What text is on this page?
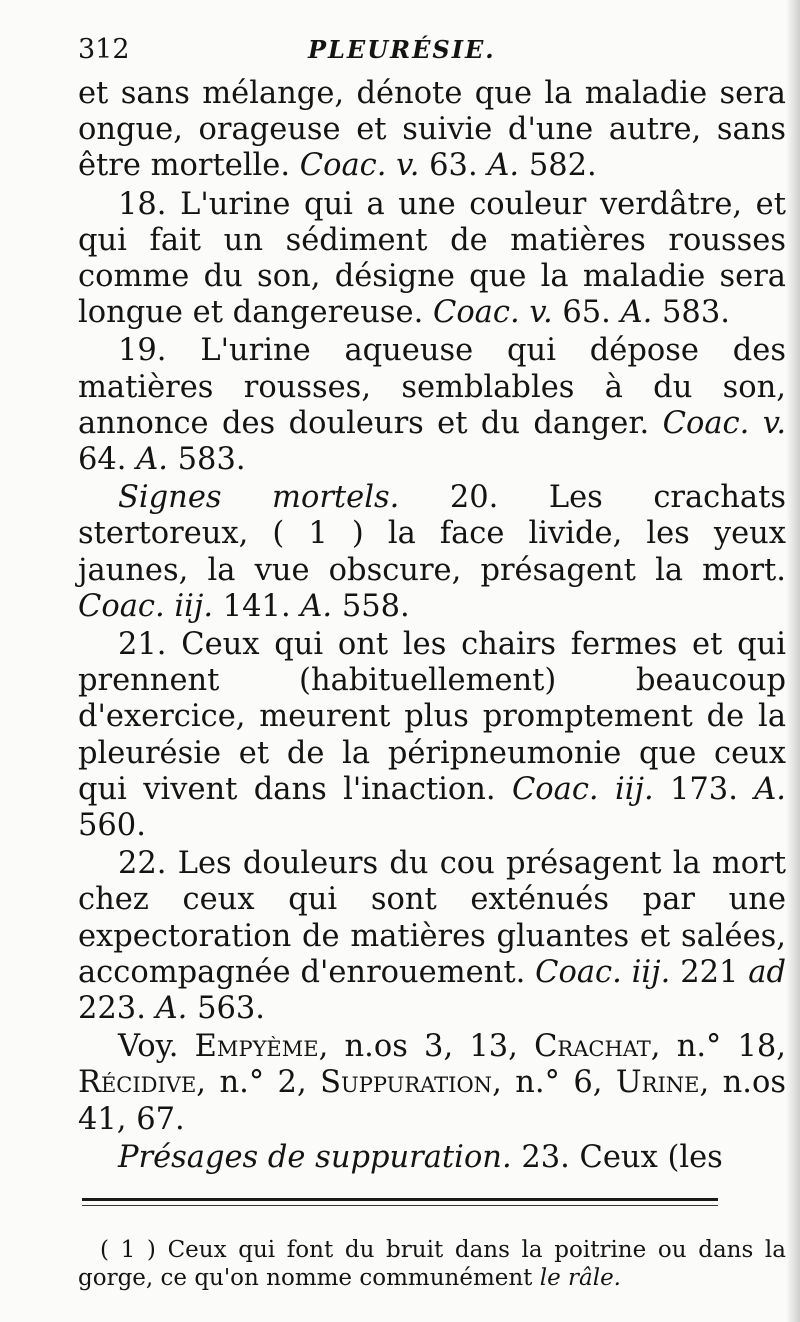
312	PLEURÉSIE.

et sans mélange, dénote que la maladie sera ongue, orageuse et suivie d'une autre, sans être mortelle. Coac. v. 63. A. 582.

18. L'urine qui a une couleur verdâtre, et qui fait un sédiment de matières rousses comme du son, désigne que la maladie sera longue et dangereuse. Coac. v. 65. A. 583.

19. L'urine aqueuse qui dépose des matières rousses, semblables à du son, annonce des douleurs et du danger. Coac. v. 64. A. 583.

Signes mortels. 20. Les crachats stertoreux, ( 1 ) la face livide, les yeux jaunes, la vue obscure, présagent la mort. Coac. iij. 141. A. 558.

21. Ceux qui ont les chairs fermes et qui prennent (habituellement) beaucoup d'exercice, meurent plus promptement de la pleurésie et de la péripneumonie que ceux qui vivent dans l'inaction. Coac. iij. 173. A. 560.

22. Les douleurs du cou présagent la mort chez ceux qui sont exténués par une expectoration de matières gluantes et salées, accompagnée d'enrouement. Coac. iij. 221 ad 223. A. 563.

Voy. Empyème, n.os 3, 13, Crachat, n.° 18, Récidive, n.° 2, Suppuration, n.° 6, Urine, n.os 41, 67.

Présages de suppuration. 23. Ceux (les

( 1 ) Ceux qui font du bruit dans la poitrine ou dans la gorge, ce qu'on nomme communément le râle.
